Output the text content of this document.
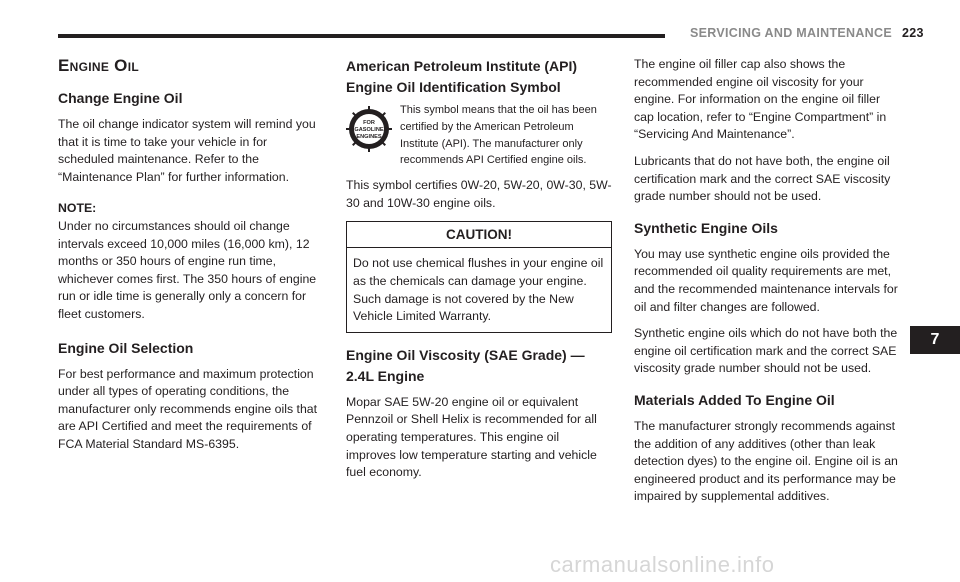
SERVICING AND MAINTENANCE 223
Engine Oil
Change Engine Oil

The oil change indicator system will remind you that it is time to take your vehicle in for scheduled maintenance. Refer to the “Maintenance Plan” for further information.

NOTE:
Under no circumstances should oil change intervals exceed 10,000 miles (16,000 km), 12 months or 350 hours of engine run time, whichever comes first. The 350 hours of engine run or idle time is generally only a concern for fleet customers.

Engine Oil Selection

For best performance and maximum protection under all types of operating conditions, the manufacturer only recommends engine oils that are API Certified and meet the requirements of FCA Material Standard MS-6395.

American Petroleum Institute (API) Engine Oil Identification Symbol
FOR
GASOLINE
ENGINES

This symbol means that the oil has been certified by the American Petroleum Institute (API). The manufacturer only recommends API Certified engine oils.

This symbol certifies 0W-20, 5W-20, 0W-30, 5W-30 and 10W-30 engine oils.

CAUTION!
Do not use chemical flushes in your engine oil as the chemicals can damage your engine. Such damage is not covered by the New Vehicle Limited Warranty.
Engine Oil Viscosity (SAE Grade) — 2.4L Engine

Mopar SAE 5W-20 engine oil or equivalent Pennzoil or Shell Helix is recommended for all operating temperatures. This engine oil improves low temperature starting and vehicle fuel economy.

The engine oil filler cap also shows the recommended engine oil viscosity for your engine. For information on the engine oil filler cap location, refer to “Engine Compartment” in “Servicing And Maintenance”.

Lubricants that do not have both, the engine oil certification mark and the correct SAE viscosity grade number should not be used.

Synthetic Engine Oils

You may use synthetic engine oils provided the recommended oil quality requirements are met, and the recommended maintenance intervals for oil and filter changes are followed.

Synthetic engine oils which do not have both the engine oil certification mark and the correct SAE viscosity grade number should not be used.

Materials Added To Engine Oil

The manufacturer strongly recommends against the addition of any additives (other than leak detection dyes) to the engine oil. Engine oil is an engineered product and its performance may be impaired by supplemental additives.

7
carmanualsonline.info
